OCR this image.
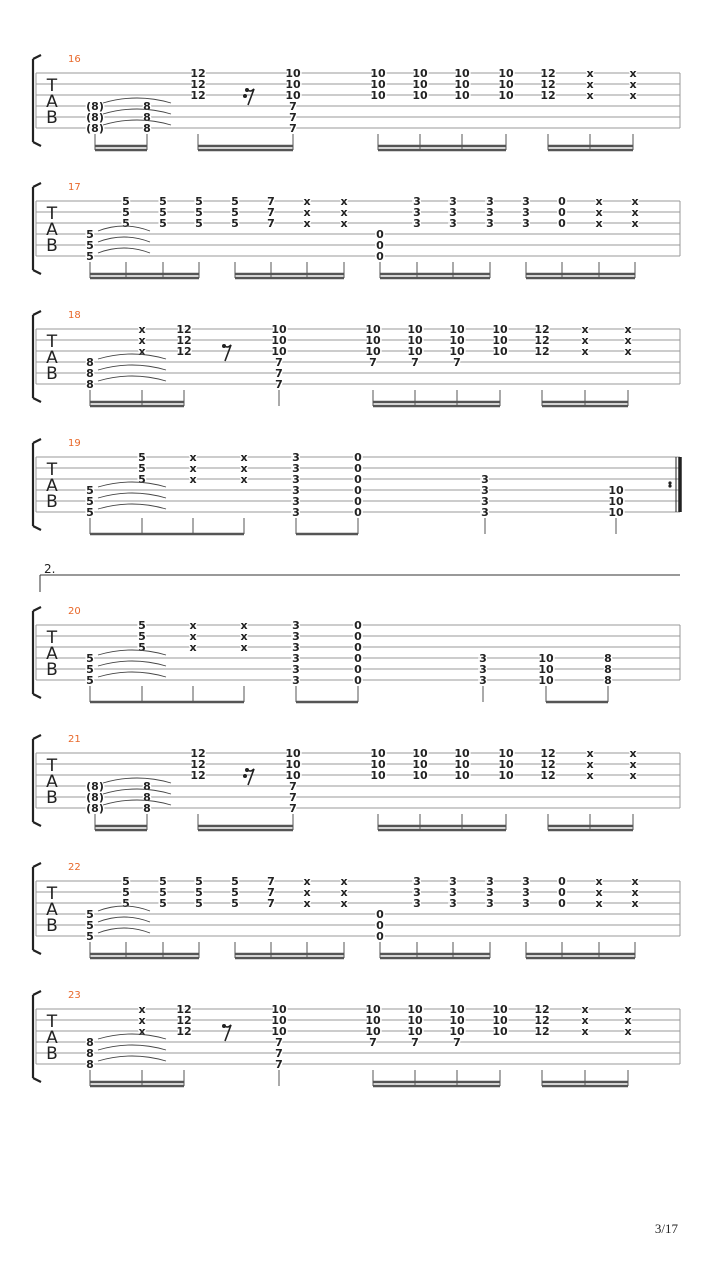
T
A
B
16
(8)
(8)
(8)
8
8
8
12
12
12
10
10
10
7
7
7
10
10
10
10
10
10
10
10
10
10
10
10
12
12
12
x
x
x
x
x
x
T
A
B
17
5
5
5
5
5
5
5
5
5
5
5
5
5
5
5
7
7
7
x
x
x
x
x
x
0
0
0
3
3
3
3
3
3
3
3
3
3
3
3
0
0
0
x
x
x
x
x
x
T
A
B
18
8
8
8
x
x
x
12
12
12
10
10
10
7
7
7
10
10
10
7
10
10
10
7
10
10
10
7
10
10
10
12
12
12
x
x
x
x
x
x
T
A
B
19
5
5
5
5
5
5
x
x
x
x
x
x
3
3
3
3
3
3
0
0
0
0
0
0
3
3
3
3
10
10
10
2.
T
A
B
20
5
5
5
5
5
5
x
x
x
x
x
x
3
3
3
3
3
3
0
0
0
0
0
0
3
3
3
10
10
10
8
8
8
T
A
B
21
(8)
(8)
(8)
8
8
8
12
12
12
10
10
10
7
7
7
10
10
10
10
10
10
10
10
10
10
10
10
12
12
12
x
x
x
x
x
x
T
A
B
22
5
5
5
5
5
5
5
5
5
5
5
5
5
5
5
7
7
7
x
x
x
x
x
x
0
0
0
3
3
3
3
3
3
3
3
3
3
3
3
0
0
0
x
x
x
x
x
x
T
A
B
23
8
8
8
x
x
x
12
12
12
10
10
10
7
7
7
10
10
10
7
10
10
10
7
10
10
10
7
10
10
10
12
12
12
x
x
x
x
x
x
3/17
